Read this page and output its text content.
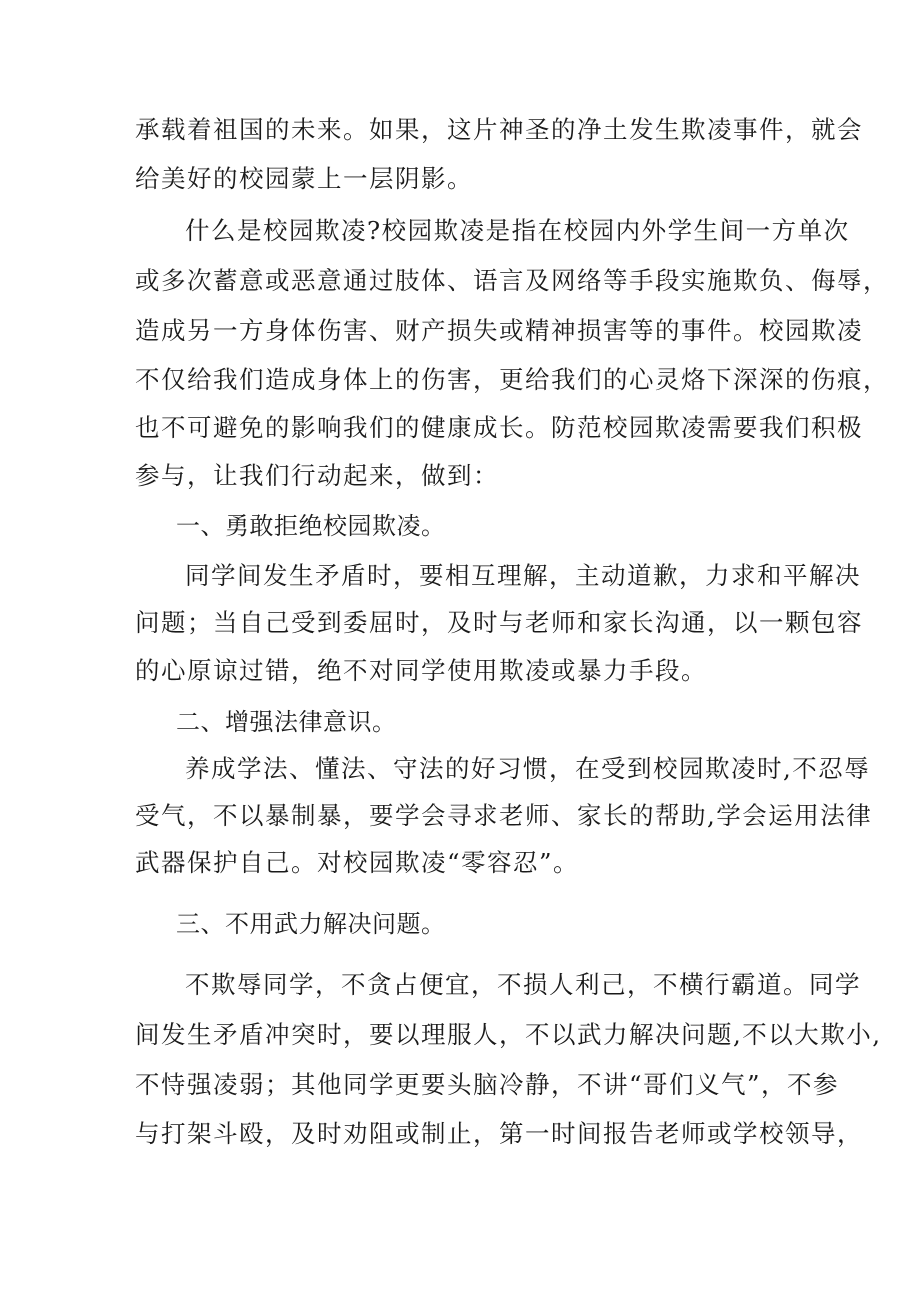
承载着祖国的未来。如果，这片神圣的净土发生欺凌事件，就会
给美好的校园蒙上一层阴影。
什么是校园欺凌?校园欺凌是指在校园内外学生间一方单次
或多次蓄意或恶意通过肢体、语言及网络等手段实施欺负、侮辱，
造成另一方身体伤害、财产损失或精神损害等的事件。校园欺凌
不仅给我们造成身体上的伤害，更给我们的心灵烙下深深的伤痕，
也不可避免的影响我们的健康成长。防范校园欺凌需要我们积极
参与，让我们行动起来，做到：
一、勇敢拒绝校园欺凌。
同学间发生矛盾时，要相互理解，主动道歉，力求和平解决
问题；当自己受到委屈时，及时与老师和家长沟通，以一颗包容
的心原谅过错，绝不对同学使用欺凌或暴力手段。
二、增强法律意识。
养成学法、懂法、守法的好习惯，在受到校园欺凌时,不忍辱
受气，不以暴制暴，要学会寻求老师、家长的帮助,学会运用法律
武器保护自己。对校园欺凌“零容忍”。
三、不用武力解决问题。
不欺辱同学，不贪占便宜，不损人利己，不横行霸道。同学
间发生矛盾冲突时，要以理服人，不以武力解决问题,不以大欺小,
不恃强凌弱；其他同学更要头脑冷静，不讲“哥们义气”，不参
与打架斗殴，及时劝阻或制止，第一时间报告老师或学校领导，
